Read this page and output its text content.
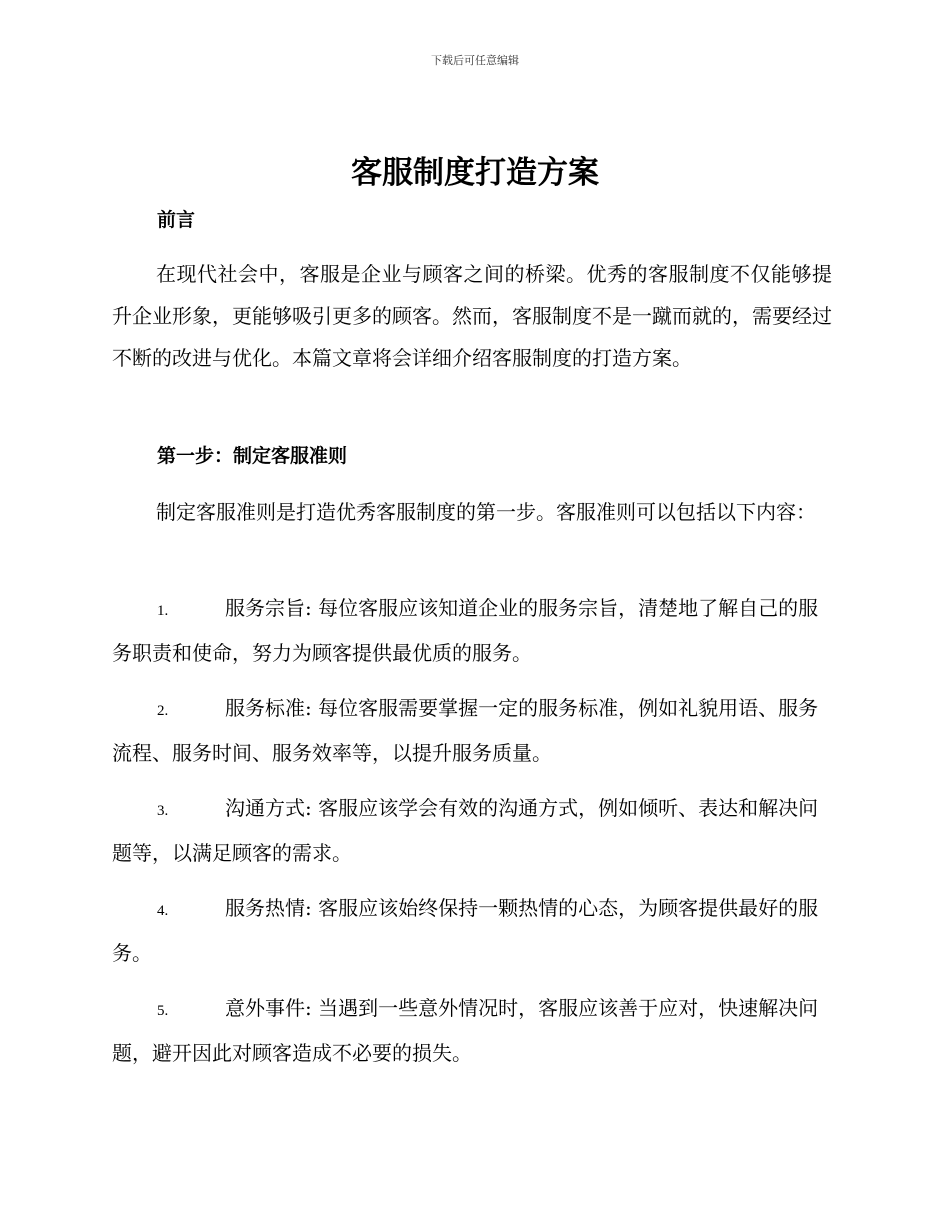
下载后可任意编辑
客服制度打造方案
前言

在现代社会中，客服是企业与顾客之间的桥梁。优秀的客服制度不仅能够提升企业形象，更能够吸引更多的顾客。然而，客服制度不是一蹴而就的，需要经过不断的改进与优化。本篇文章将会详细介绍客服制度的打造方案。

第一步：制定客服准则

制定客服准则是打造优秀客服制度的第一步。客服准则可以包括以下内容：

1.	服务宗旨: 每位客服应该知道企业的服务宗旨，清楚地了解自己的服务职责和使命，努力为顾客提供最优质的服务。
2.	服务标准: 每位客服需要掌握一定的服务标准，例如礼貌用语、服务流程、服务时间、服务效率等，以提升服务质量。
3.	沟通方式: 客服应该学会有效的沟通方式，例如倾听、表达和解决问题等，以满足顾客的需求。
4.	服务热情: 客服应该始终保持一颗热情的心态，为顾客提供最好的服务。
5.	意外事件: 当遇到一些意外情况时，客服应该善于应对，快速解决问题，避开因此对顾客造成不必要的损失。
